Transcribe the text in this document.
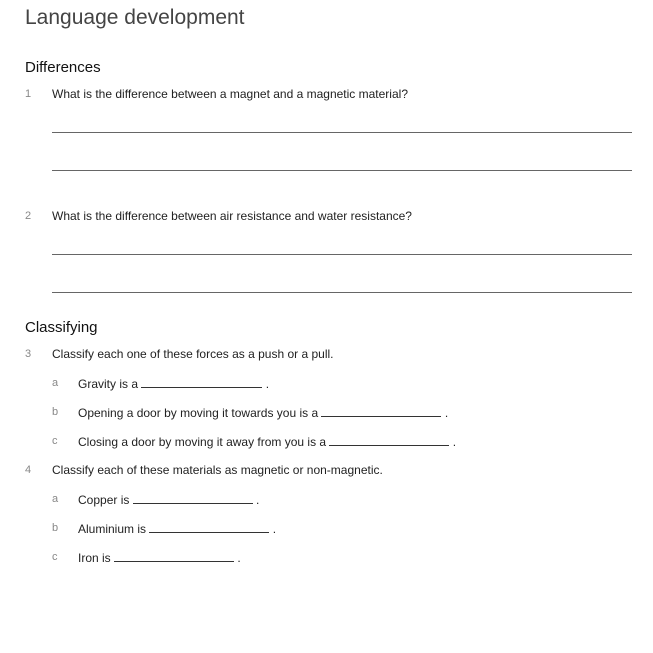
Language development
Differences
1 What is the difference between a magnet and a magnetic material?
2 What is the difference between air resistance and water resistance?
Classifying
3 Classify each one of these forces as a push or a pull.
a Gravity is a	.
b Opening a door by moving it towards you is a	.
c Closing a door by moving it away from you is a	.
4 Classify each of these materials as magnetic or non-magnetic.
a Copper is	.
b Aluminium is	.
c Iron is	.
